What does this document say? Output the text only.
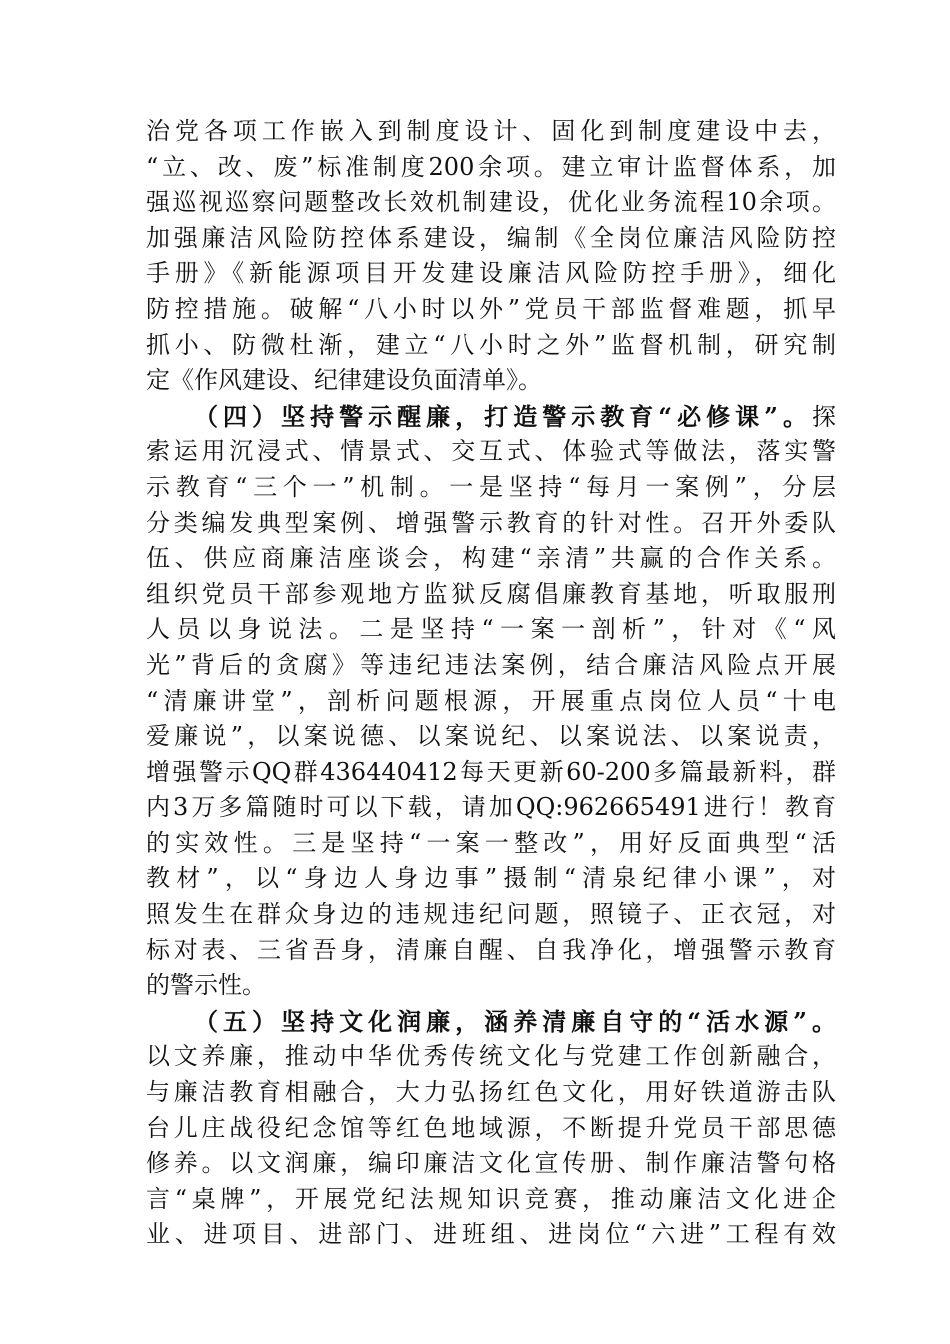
治党各项工作嵌入到制度设计、固化到制度建设中去，
“立、改、废”标准制度200余项。建立审计监督体系，加
强巡视巡察问题整改长效机制建设，优化业务流程10余项。
加强廉洁风险防控体系建设，编制《全岗位廉洁风险防控
手册》《新能源项目开发建设廉洁风险防控手册》，细化
防控措施。破解“八小时以外”党员干部监督难题，抓早
抓小、防微杜渐，建立“八小时之外”监督机制，研究制
定《作风建设、纪律建设负面清单》。
（四）坚持警示醒廉，打造警示教育“必修课”。探
索运用沉浸式、情景式、交互式、体验式等做法，落实警
示教育“三个一”机制。一是坚持“每月一案例”，分层
分类编发典型案例、增强警示教育的针对性。召开外委队
伍、供应商廉洁座谈会，构建“亲清”共赢的合作关系。
组织党员干部参观地方监狱反腐倡廉教育基地，听取服刑
人员以身说法。二是坚持“一案一剖析”，针对《“风
光”背后的贪腐》等违纪违法案例，结合廉洁风险点开展
“清廉讲堂”，剖析问题根源，开展重点岗位人员“十电
爱廉说”，以案说德、以案说纪、以案说法、以案说责，
增强警示QQ群436440412每天更新60-200多篇最新料，群
内3万多篇随时可以下载，请加QQ:962665491进行！教育
的实效性。三是坚持“一案一整改”，用好反面典型“活
教材”，以“身边人身边事”摄制“清泉纪律小课”，对
照发生在群众身边的违规违纪问题，照镜子、正衣冠，对
标对表、三省吾身，清廉自醒、自我净化，增强警示教育
的警示性。
（五）坚持文化润廉，涵养清廉自守的“活水源”。
以文养廉，推动中华优秀传统文化与党建工作创新融合，
与廉洁教育相融合，大力弘扬红色文化，用好铁道游击队
台儿庄战役纪念馆等红色地域源，不断提升党员干部思德
修养。以文润廉，编印廉洁文化宣传册、制作廉洁警句格
言“桌牌”，开展党纪法规知识竞赛，推动廉洁文化进企
业、进项目、进部门、进班组、进岗位“六进”工程有效
